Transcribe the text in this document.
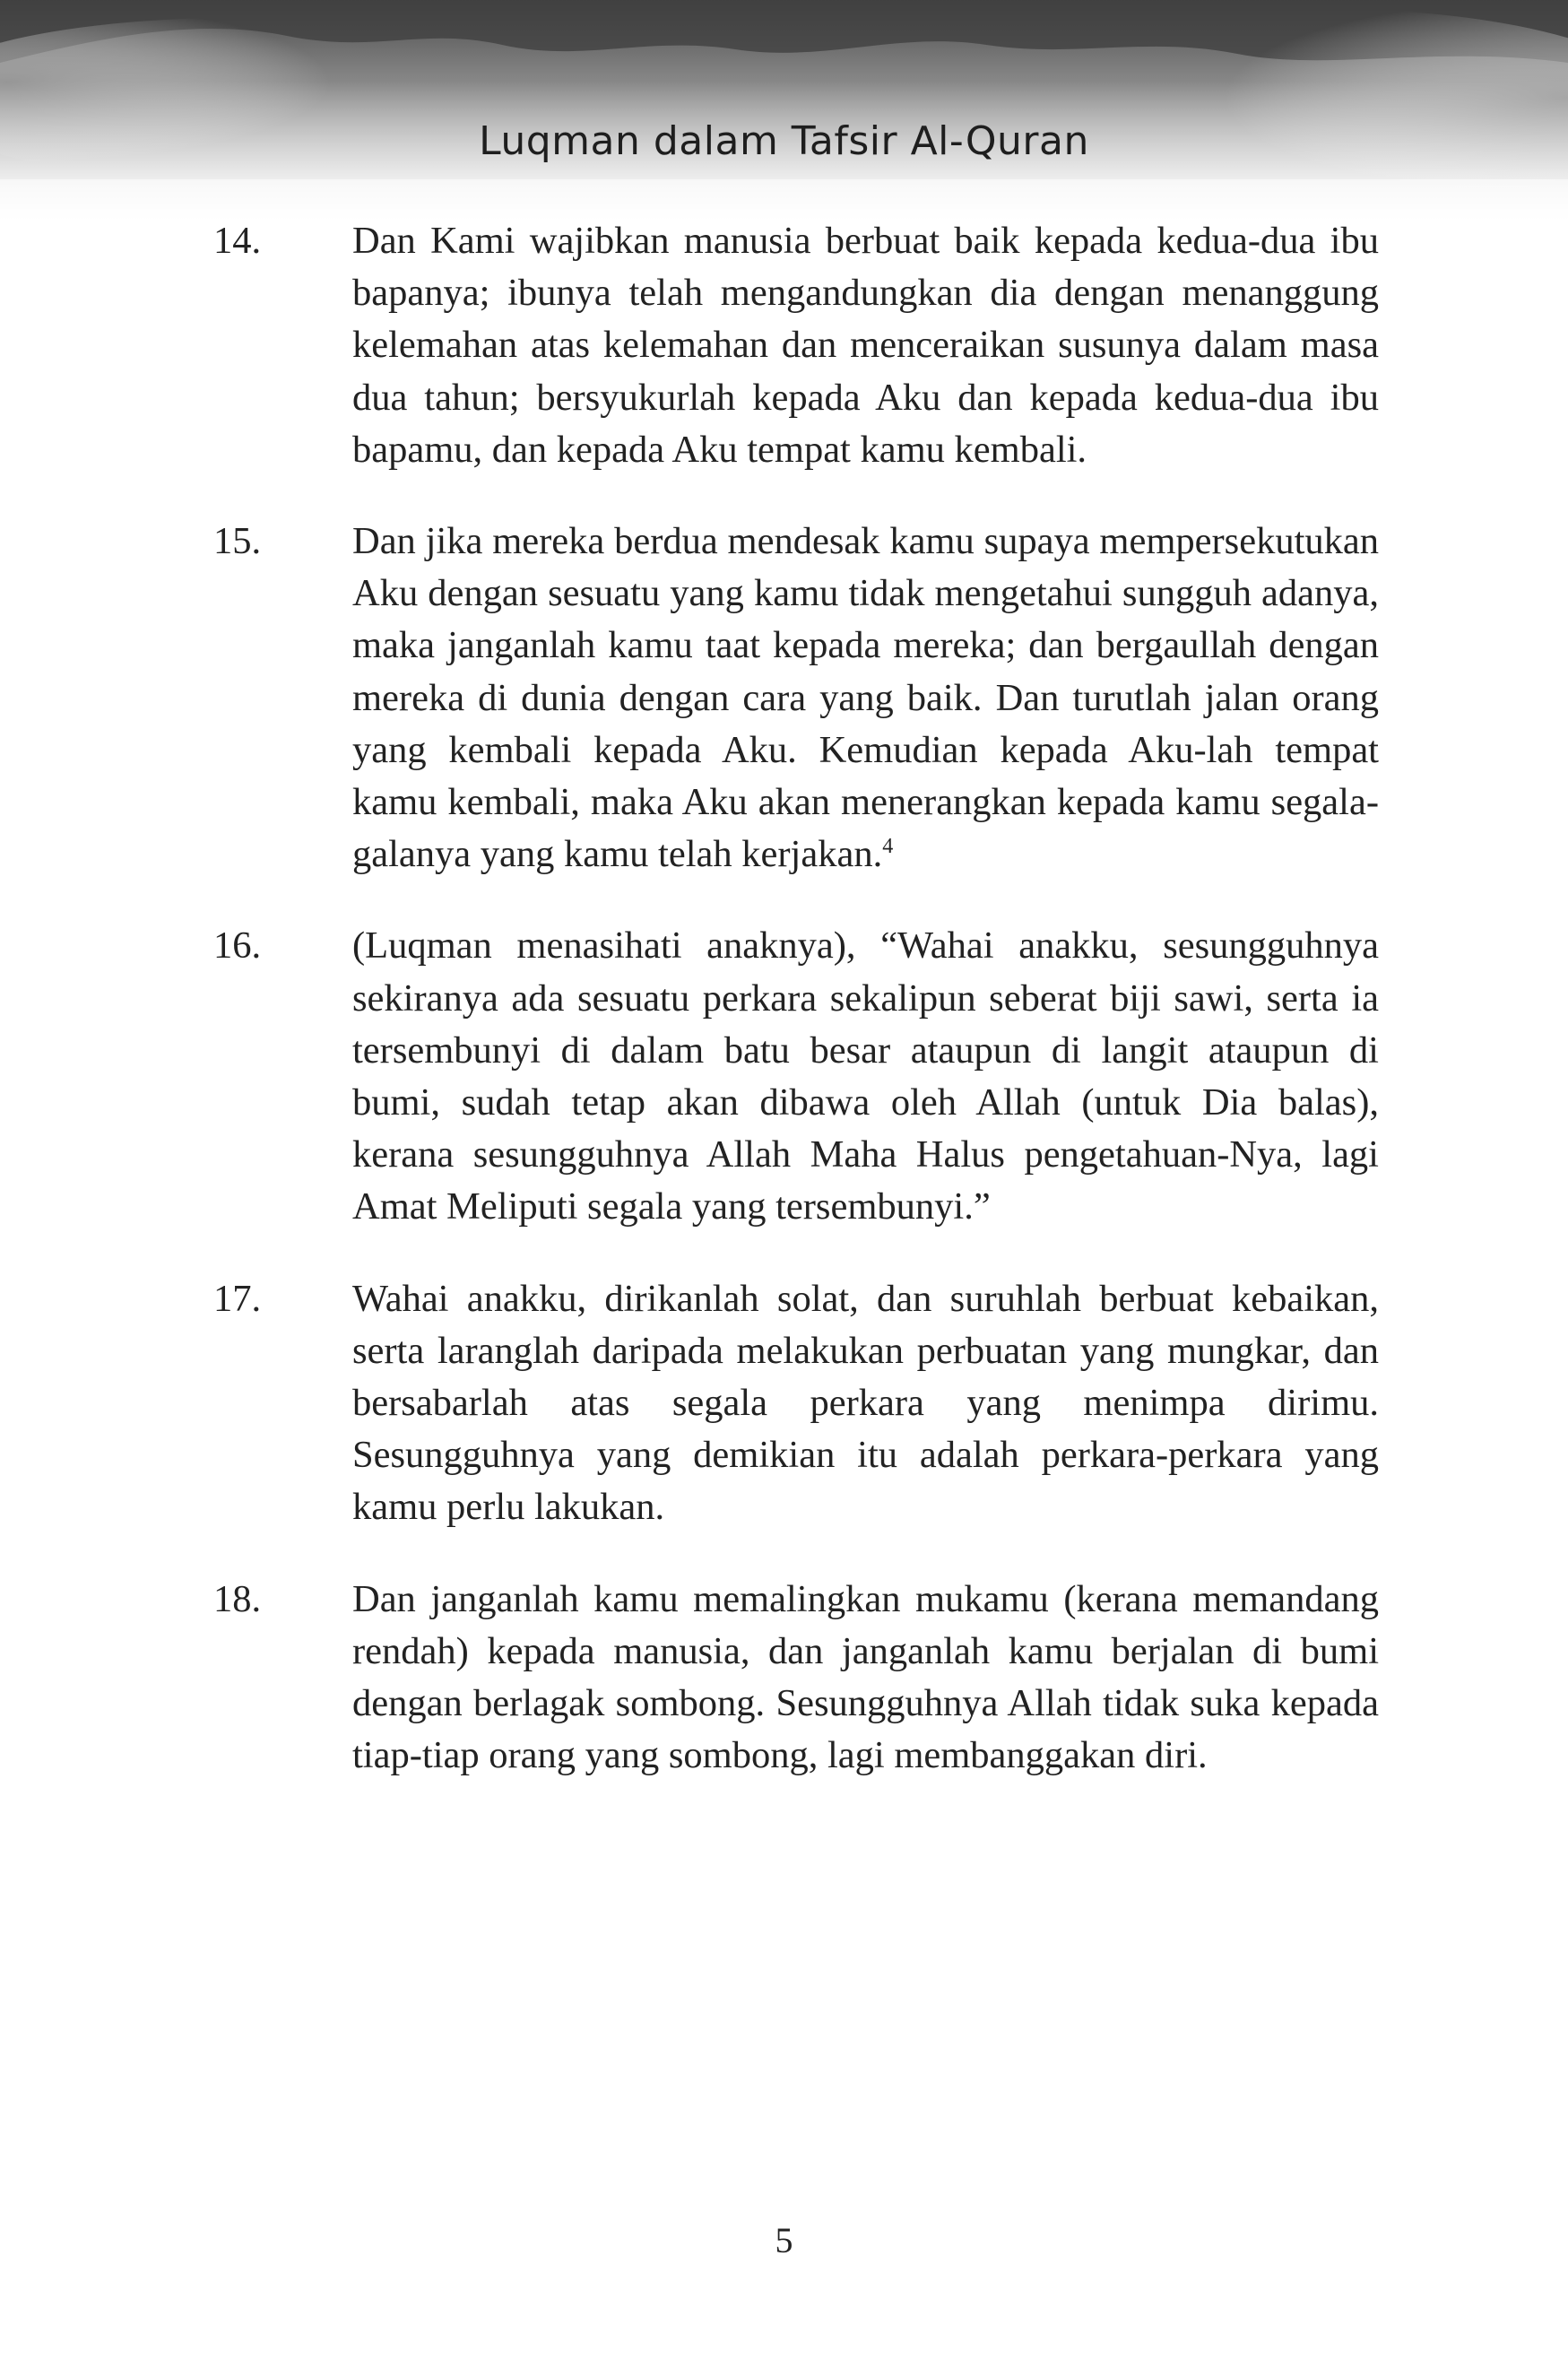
Luqman dalam Tafsir Al-Quran
14.	Dan Kami wajibkan manusia berbuat baik kepada kedua-dua ibu bapanya; ibunya telah mengandungkan dia dengan menanggung kelemahan atas kelemahan dan menceraikan susunya dalam masa dua tahun; bersyukurlah kepada Aku dan kepada kedua-dua ibu bapamu, dan kepada Aku tempat kamu kembali.
15.	Dan jika mereka berdua mendesak kamu supaya mempersekutukan Aku dengan sesuatu yang kamu tidak mengetahui sungguh adanya, maka janganlah kamu taat kepada mereka; dan bergaullah dengan mereka di dunia dengan cara yang baik. Dan turutlah jalan orang yang kembali kepada Aku. Kemudian kepada Aku-lah tempat kamu kembali, maka Aku akan menerangkan kepada kamu segala-galanya yang kamu telah kerjakan.$^4$
16.	(Luqman menasihati anaknya), “Wahai anakku, sesungguhnya sekiranya ada sesuatu perkara sekalipun seberat biji sawi, serta ia tersembunyi di dalam batu besar ataupun di langit ataupun di bumi, sudah tetap akan dibawa oleh Allah (untuk Dia balas), kerana sesungguhnya Allah Maha Halus pengetahuan-Nya, lagi Amat Meliputi segala yang tersembunyi.”
17.	Wahai anakku, dirikanlah solat, dan suruhlah berbuat kebaikan, serta laranglah daripada melakukan perbuatan yang mungkar, dan bersabarlah atas segala perkara yang menimpa dirimu. Sesungguhnya yang demikian itu adalah perkara-perkara yang kamu perlu lakukan.
18.	Dan janganlah kamu memalingkan mukamu (kerana memandang rendah) kepada manusia, dan janganlah kamu berjalan di bumi dengan berlagak sombong. Sesungguhnya Allah tidak suka kepada tiap-tiap orang yang sombong, lagi membanggakan diri.
5
